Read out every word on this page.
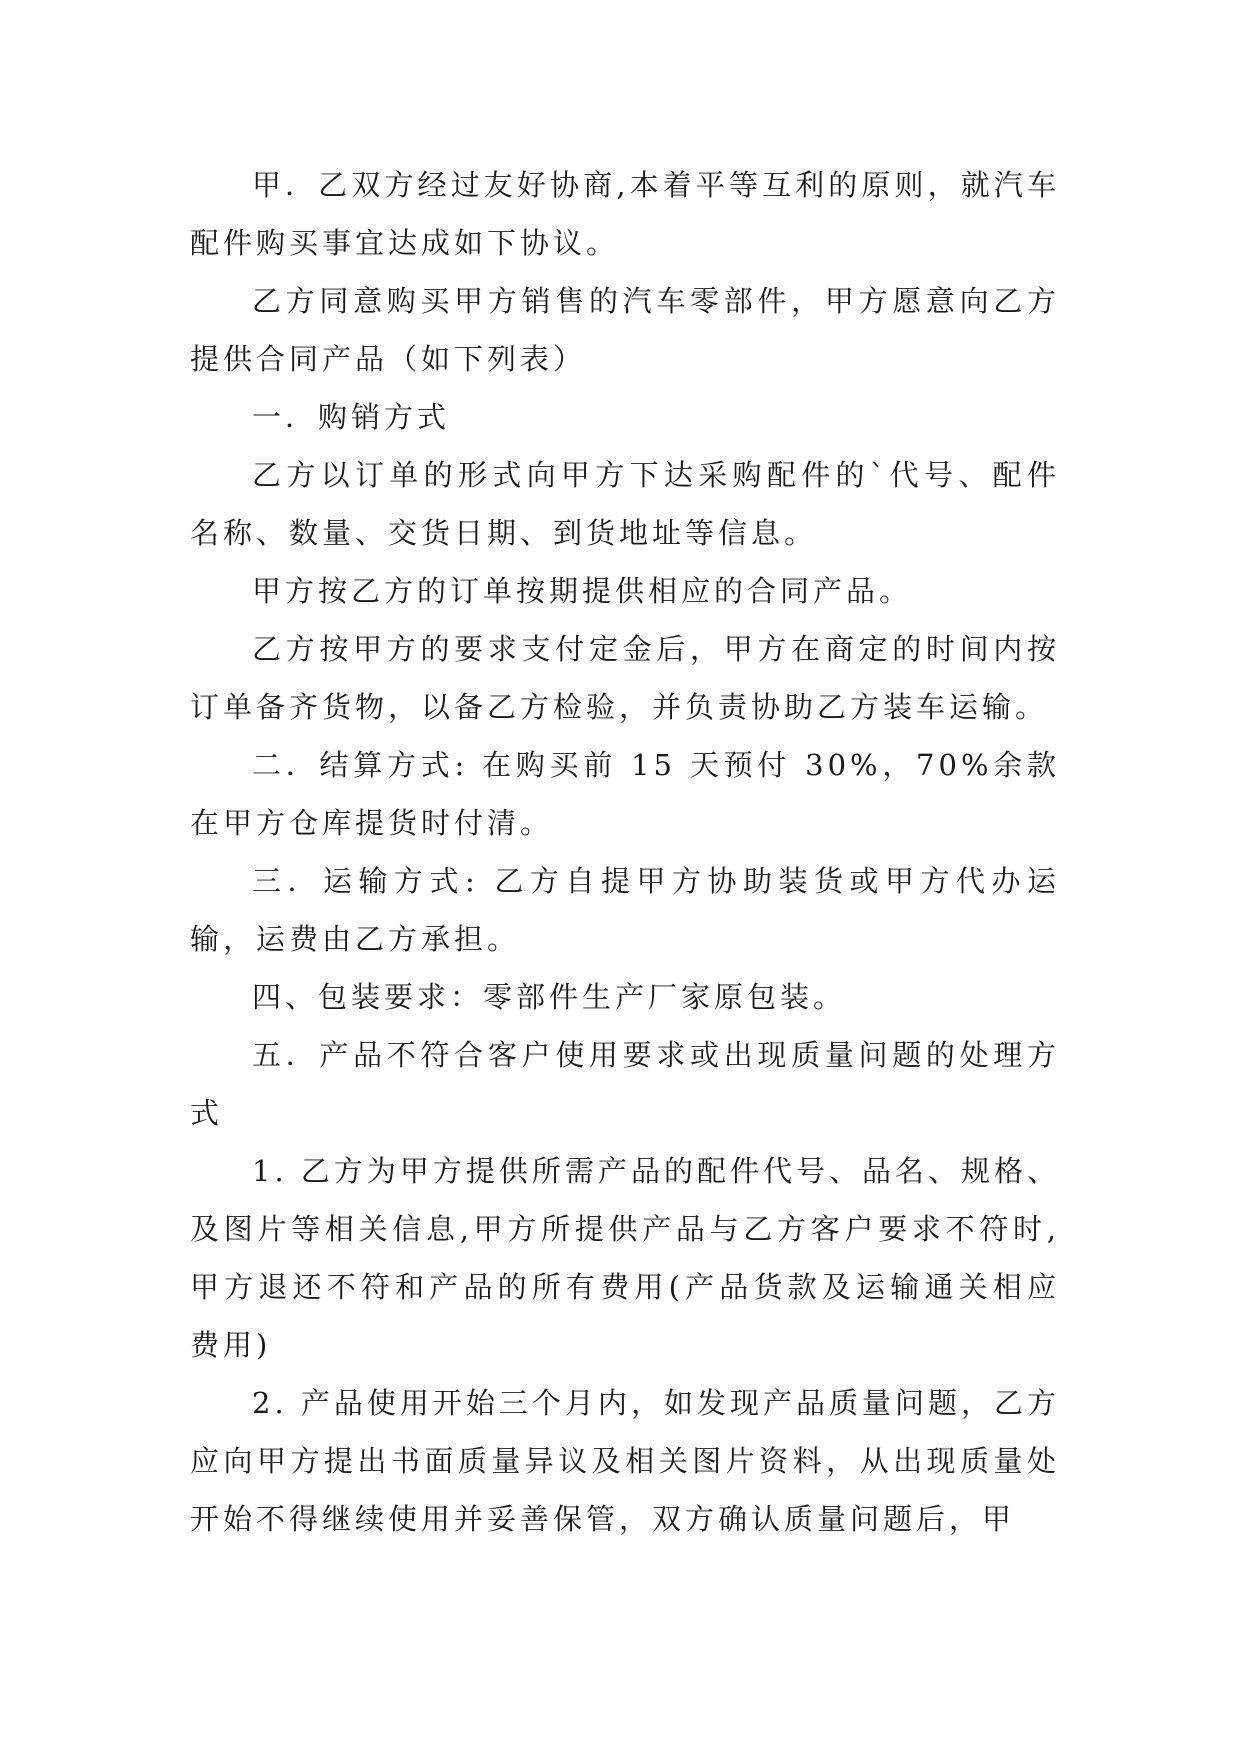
甲．乙双方经过友好协商,本着平等互利的原则，就汽车配件购买事宜达成如下协议。

乙方同意购买甲方销售的汽车零部件，甲方愿意向乙方提供合同产品（如下列表）

一．购销方式

乙方以订单的形式向甲方下达采购配件的`代号、配件名称、数量、交货日期、到货地址等信息。

甲方按乙方的订单按期提供相应的合同产品。

乙方按甲方的要求支付定金后，甲方在商定的时间内按订单备齐货物，以备乙方检验，并负责协助乙方装车运输。

二．结算方式: 在购买前 15 天预付 30%，70%余款在甲方仓库提货时付清。

三．运输方式: 乙方自提甲方协助装货或甲方代办运输，运费由乙方承担。

四、包装要求：零部件生产厂家原包装。

五．产品不符合客户使用要求或出现质量问题的处理方式

1. 乙方为甲方提供所需产品的配件代号、品名、规格、及图片等相关信息,甲方所提供产品与乙方客户要求不符时,甲方退还不符和产品的所有费用(产品货款及运输通关相应费用)

2. 产品使用开始三个月内，如发现产品质量问题，乙方应向甲方提出书面质量异议及相关图片资料，从出现质量处开始不得继续使用并妥善保管，双方确认质量问题后，甲
